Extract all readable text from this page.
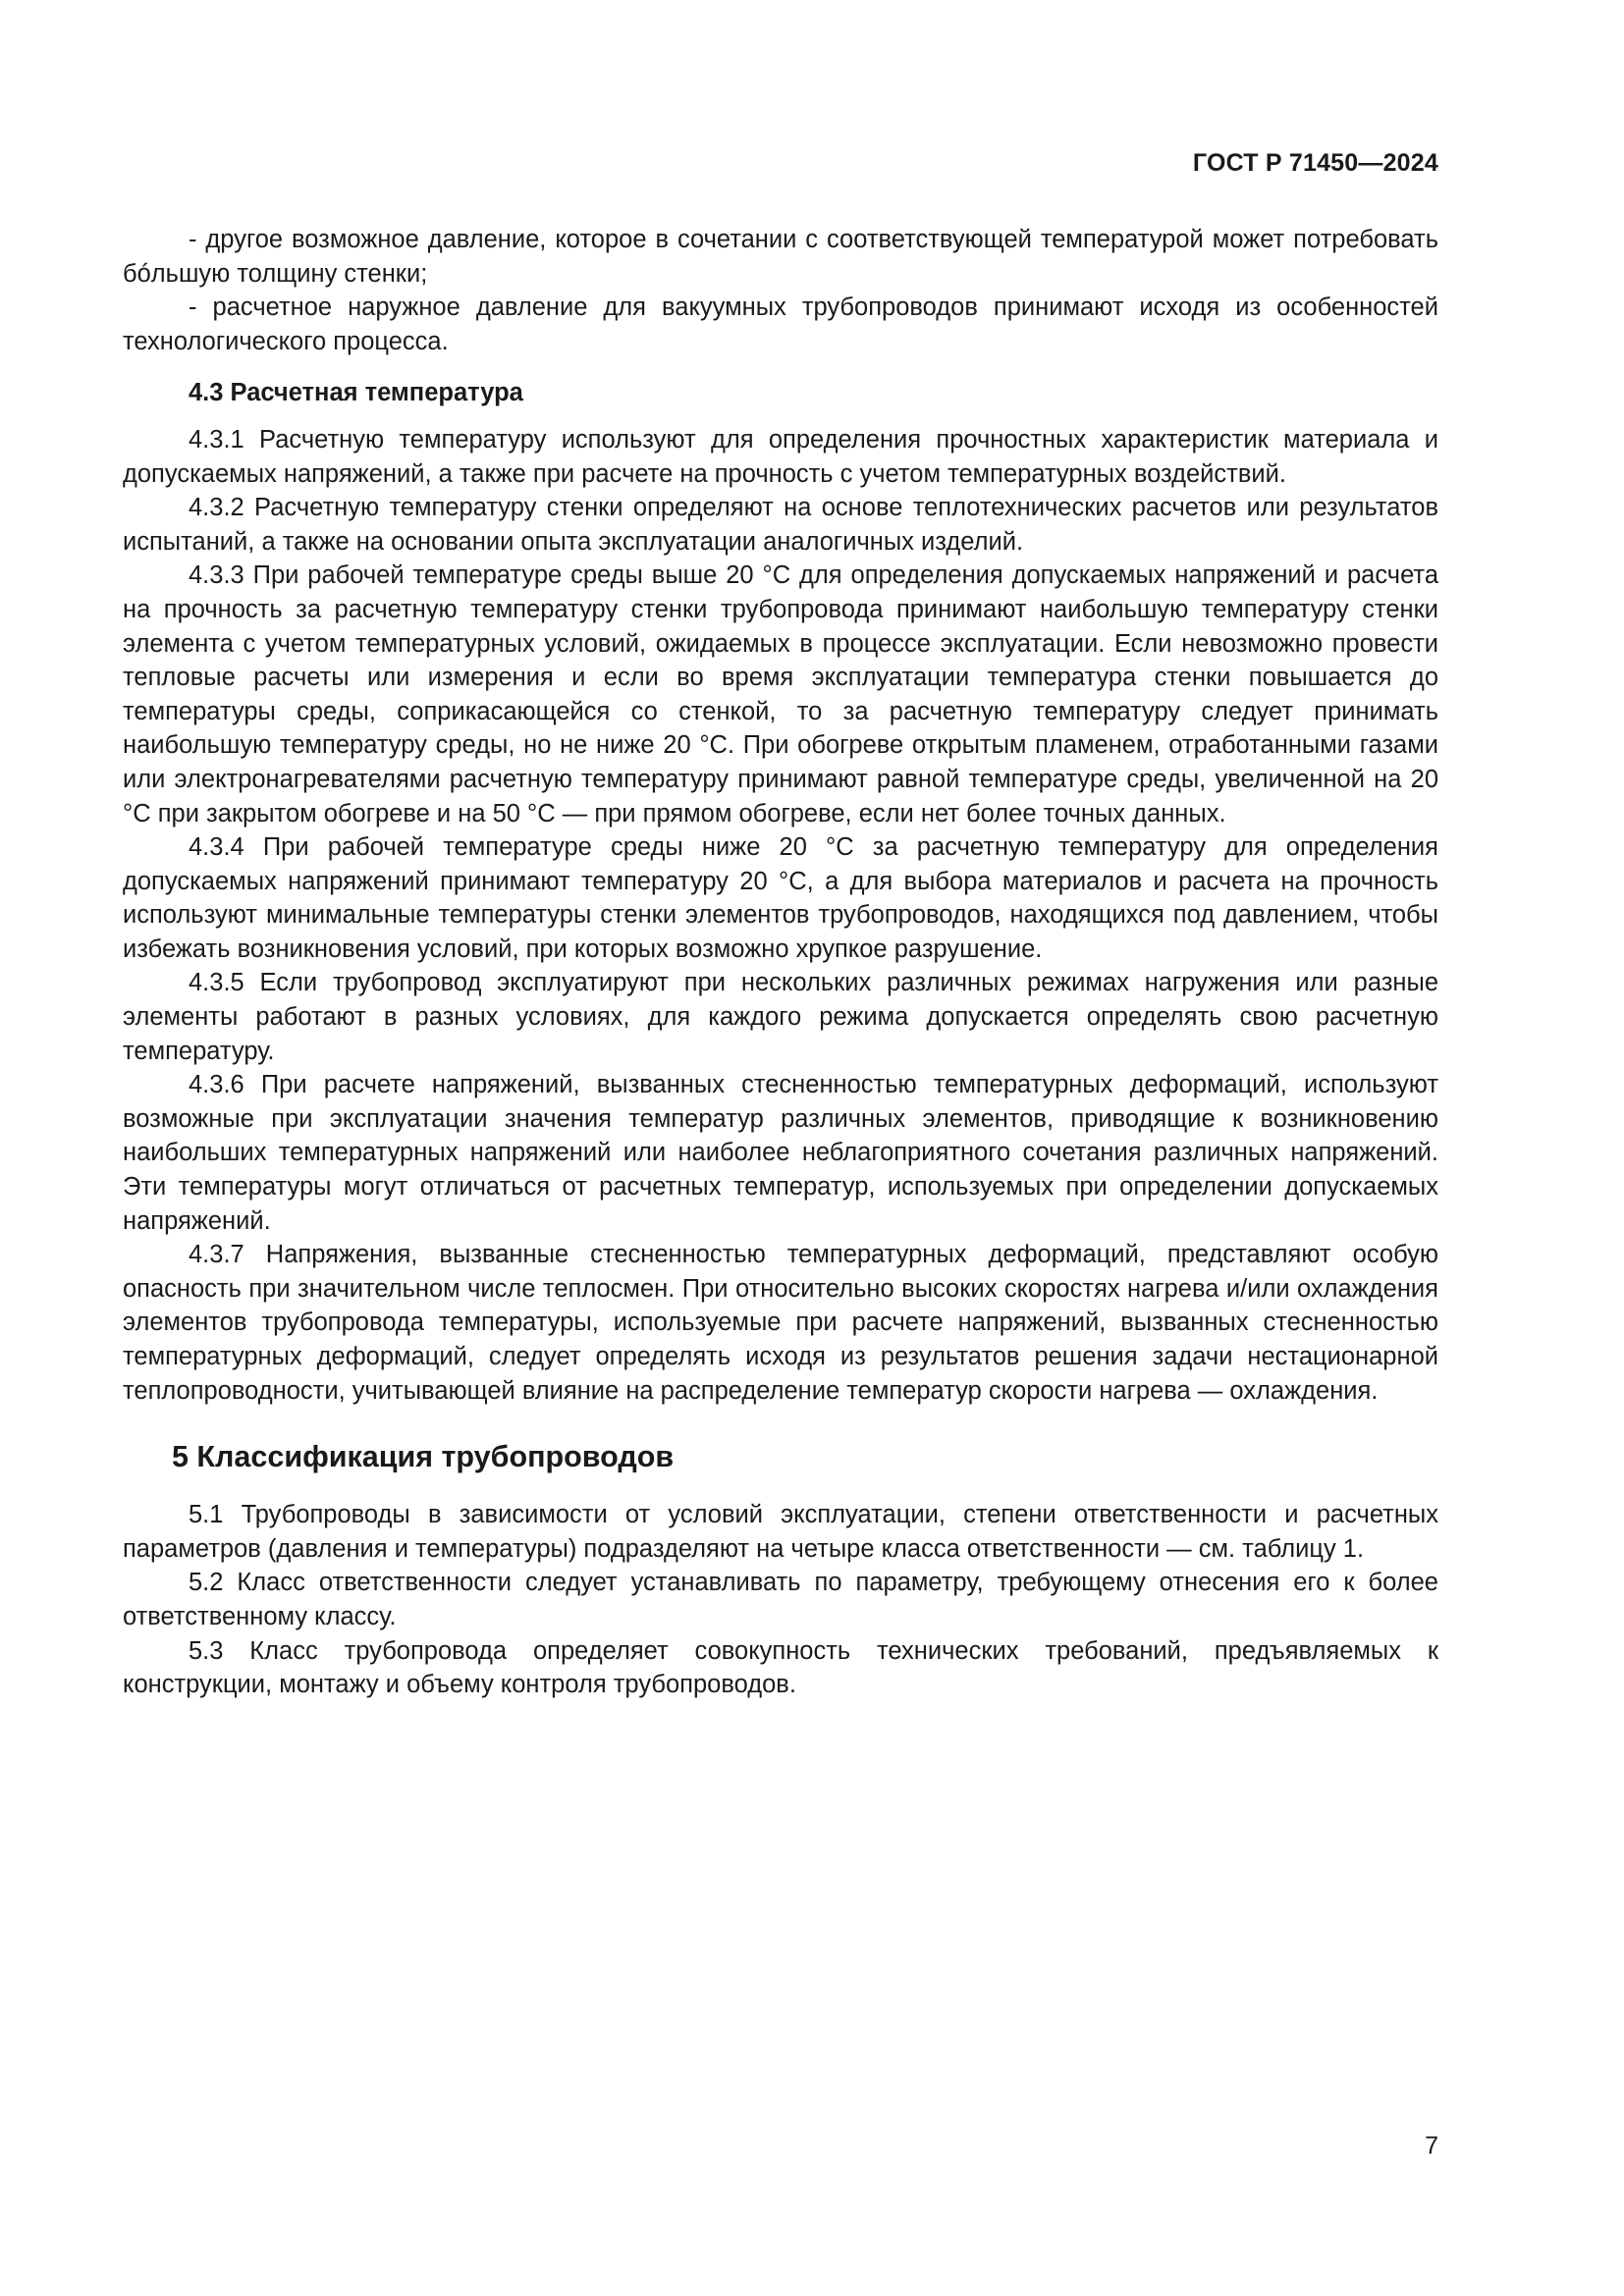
ГОСТ Р 71450—2024

- другое возможное давление, которое в сочетании с соответствующей температурой может потребовать бóльшую толщину стенки;

- расчетное наружное давление для вакуумных трубопроводов принимают исходя из особенностей технологического процесса.

4.3 Расчетная температура

4.3.1 Расчетную температуру используют для определения прочностных характеристик материала и допускаемых напряжений, а также при расчете на прочность с учетом температурных воздействий.

4.3.2 Расчетную температуру стенки определяют на основе теплотехнических расчетов или результатов испытаний, а также на основании опыта эксплуатации аналогичных изделий.

4.3.3 При рабочей температуре среды выше 20 °С для определения допускаемых напряжений и расчета на прочность за расчетную температуру стенки трубопровода принимают наибольшую температуру стенки элемента с учетом температурных условий, ожидаемых в процессе эксплуатации. Если невозможно провести тепловые расчеты или измерения и если во время эксплуатации температура стенки повышается до температуры среды, соприкасающейся со стенкой, то за расчетную температуру следует принимать наибольшую температуру среды, но не ниже 20 °С. При обогреве открытым пламенем, отработанными газами или электронагревателями расчетную температуру принимают равной температуре среды, увеличенной на 20 °С при закрытом обогреве и на 50 °С — при прямом обогреве, если нет более точных данных.

4.3.4 При рабочей температуре среды ниже 20 °С за расчетную температуру для определения допускаемых напряжений принимают температуру 20 °С, а для выбора материалов и расчета на прочность используют минимальные температуры стенки элементов трубопроводов, находящихся под давлением, чтобы избежать возникновения условий, при которых возможно хрупкое разрушение.

4.3.5 Если трубопровод эксплуатируют при нескольких различных режимах нагружения или разные элементы работают в разных условиях, для каждого режима допускается определять свою расчетную температуру.

4.3.6 При расчете напряжений, вызванных стесненностью температурных деформаций, используют возможные при эксплуатации значения температур различных элементов, приводящие к возникновению наибольших температурных напряжений или наиболее неблагоприятного сочетания различных напряжений. Эти температуры могут отличаться от расчетных температур, используемых при определении допускаемых напряжений.

4.3.7 Напряжения, вызванные стесненностью температурных деформаций, представляют особую опасность при значительном числе теплосмен. При относительно высоких скоростях нагрева и/или охлаждения элементов трубопровода температуры, используемые при расчете напряжений, вызванных стесненностью температурных деформаций, следует определять исходя из результатов решения задачи нестационарной теплопроводности, учитывающей влияние на распределение температур скорости нагрева — охлаждения.

5 Классификация трубопроводов

5.1 Трубопроводы в зависимости от условий эксплуатации, степени ответственности и расчетных параметров (давления и температуры) подразделяют на четыре класса ответственности — см. таблицу 1.

5.2 Класс ответственности следует устанавливать по параметру, требующему отнесения его к более ответственному классу.

5.3 Класс трубопровода определяет совокупность технических требований, предъявляемых к конструкции, монтажу и объему контроля трубопроводов.

7
